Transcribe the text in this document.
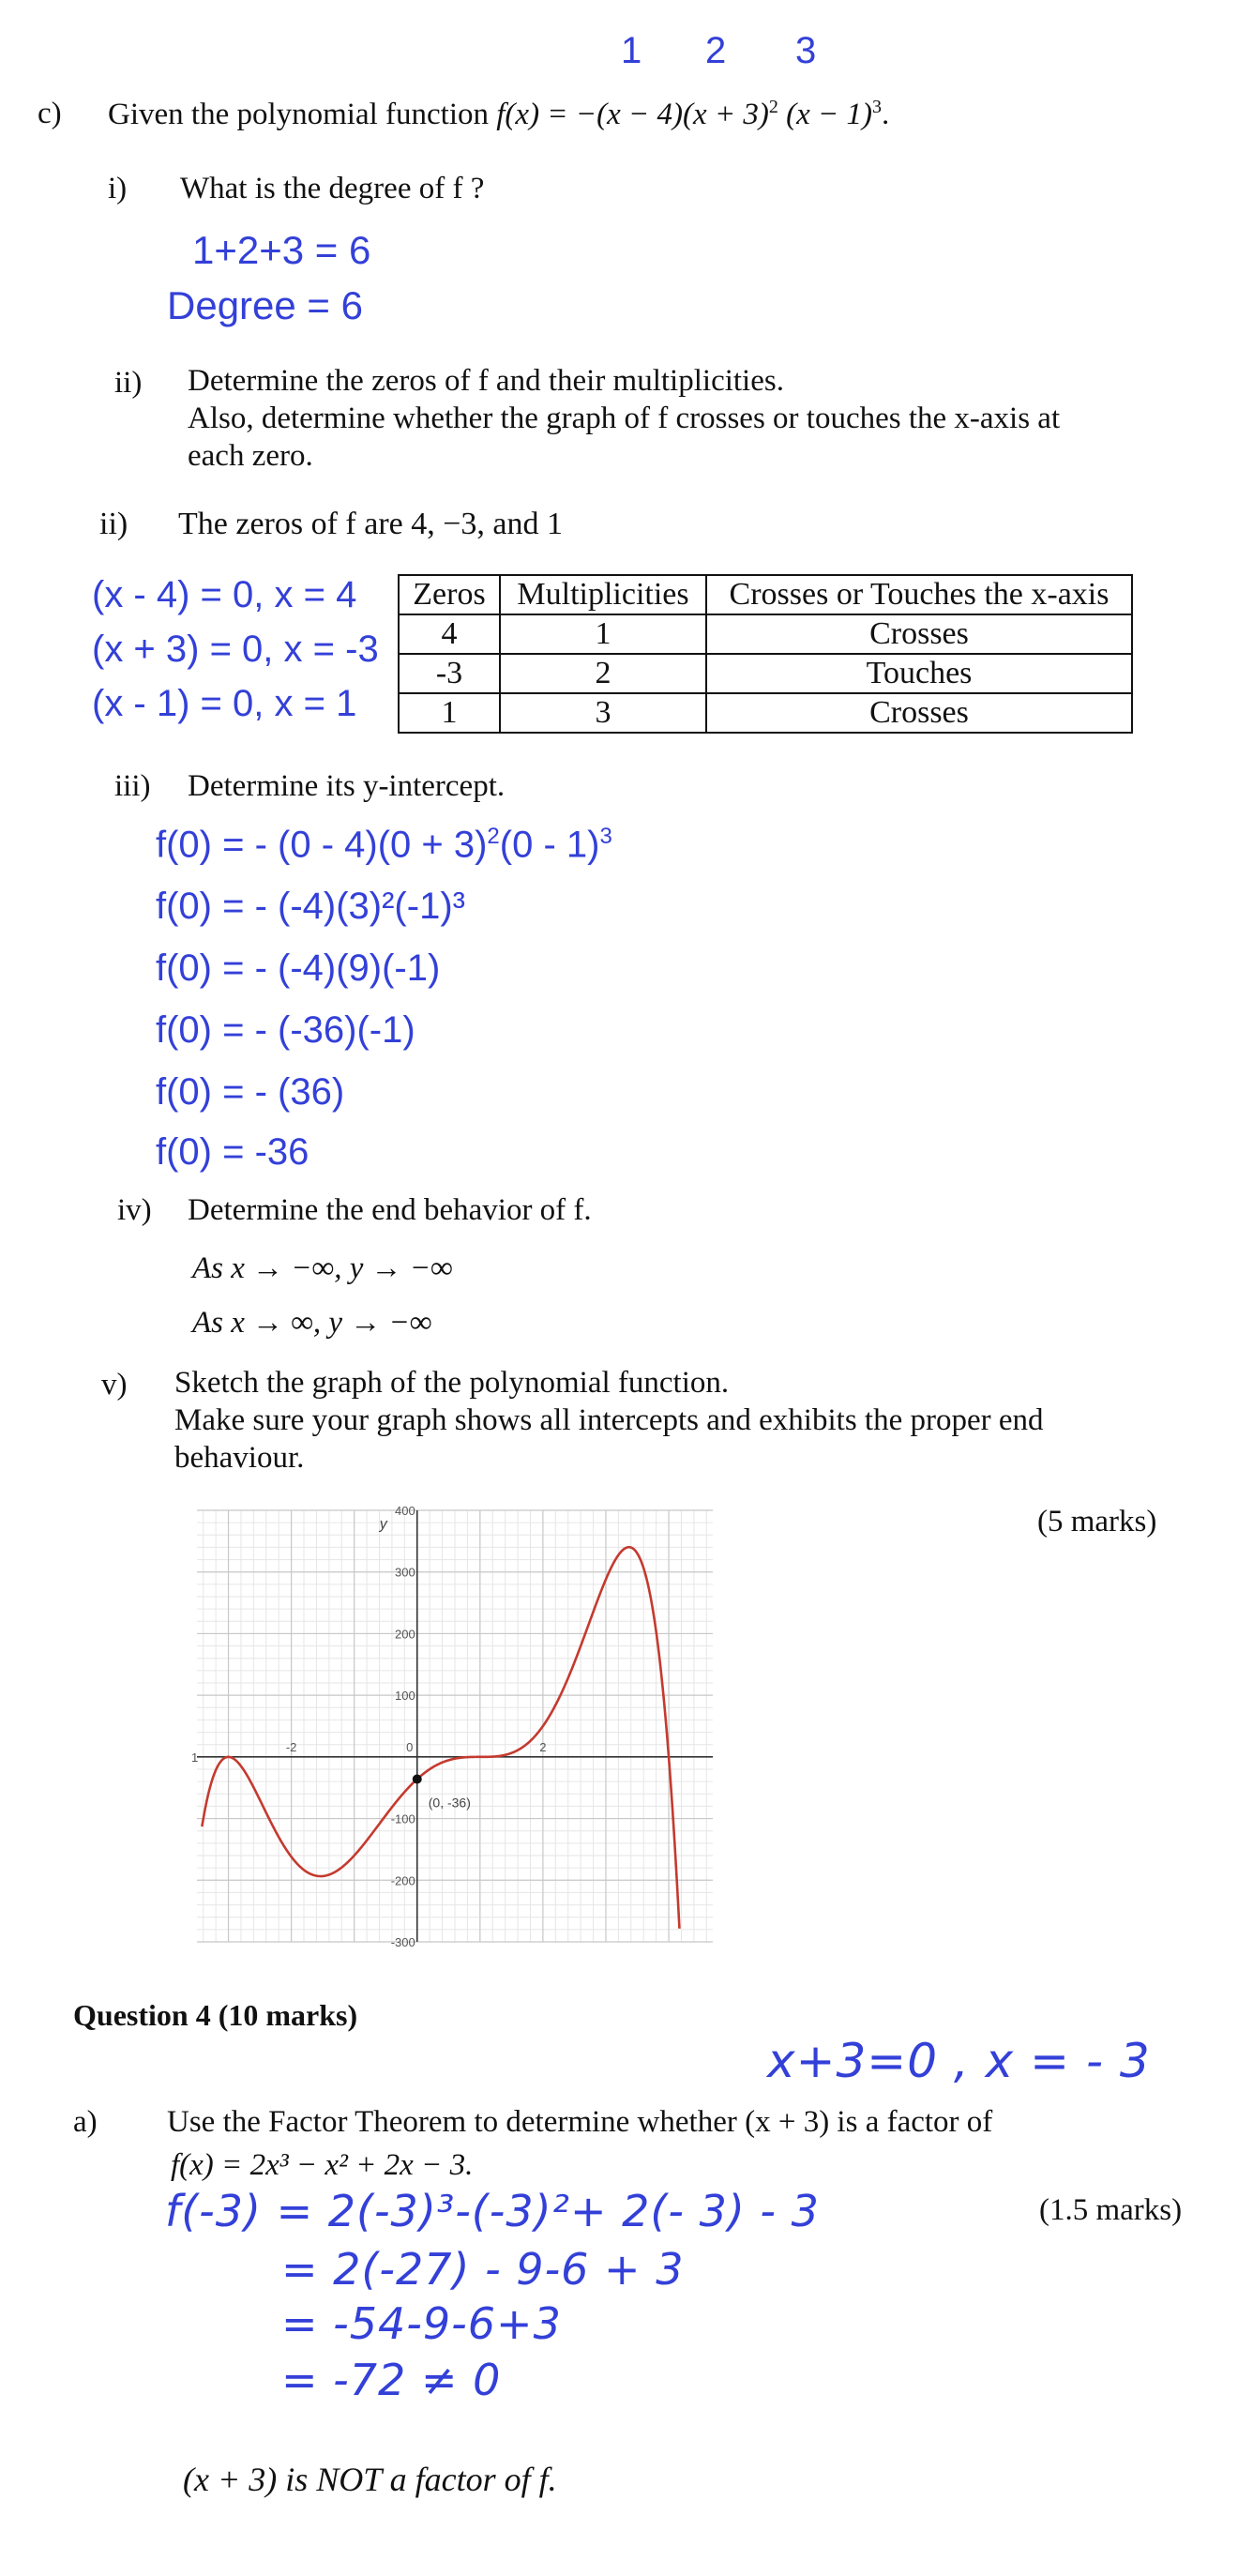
1 2 3
c) Given the polynomial function $f(x) = -(x - 4)(x + 3)^2$ $(x - 1)^3$.
i) What is the degree of f ?
1+2+3 = 6
Degree = 6
ii) Determine the zeros of f and their multiplicities.
Also, determine whether the graph of f crosses or touches the x-axis at
each zero.
ii) The zeros of f are 4, −3, and 1
(x - 4) = 0, x = 4
(x + 3) = 0, x = -3
(x - 1) = 0, x = 1
Zeros	Multiplicities	Crosses or Touches the x-axis
4	1	Crosses
-3	2	Touches
1	3	Crosses
iii) Determine its y-intercept.
f(0) = - $(0 - 4)(0 + 3)^2(0 - 1)^3$
f(0) = - (-4)(3)²(-1)³
f(0) = - (-4)(9)(-1)
f(0) = - (-36)(-1)
f(0) = - (36)
f(0) = -36
iv) Determine the end behavior of f.
As x → −∞, y → −∞
As x → ∞, y → −∞
v) Sketch the graph of the polynomial function.
Make sure your graph shows all intercepts and exhibits the proper end
behaviour.
(5 marks)
y
400
300
200
100
-100
-200
-300
-2	0	2
1
(0, -36)
Question 4 (10 marks)
x+3=0 , x = - 3
a) Use the Factor Theorem to determine whether (x + 3) is a factor of
f(x) = 2x³ − x² + 2x − 3.
(1.5 marks)
f(-3) = 2(-3)³-(-3)²+ 2(- 3) - 3
= 2(-27) - 9-6 + 3
= -54-9-6+3
= -72 ≠ 0
(x + 3) is NOT a factor of f.
